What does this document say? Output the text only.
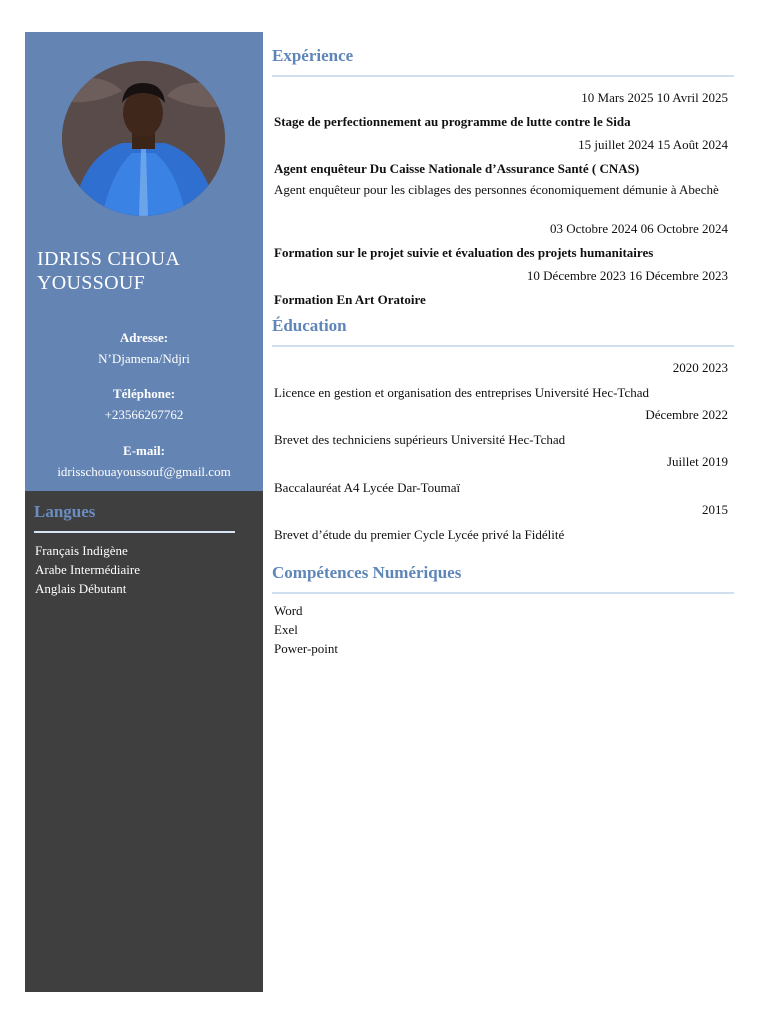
IDRISS CHOUA YOUSSOUF
Adresse:
N’Djamena/Ndjri
Téléphone:
+23566267762
E-mail:
idrisschouayoussouf@gmail.com
Langues
Français Indigène
Arabe Intermédiaire
Anglais Débutant
Expérience
10 Mars 2025 10 Avril 2025
Stage de perfectionnement au programme de lutte contre le Sida
15 juillet 2024 15 Août 2024
Agent enquêteur Du Caisse Nationale d’Assurance Santé ( CNAS)
Agent enquêteur pour les ciblages des personnes économiquement démunie à Abechè
03 Octobre 2024 06 Octobre 2024
Formation sur le projet suivie et évaluation des projets humanitaires
10 Décembre 2023 16 Décembre 2023
Formation En Art Oratoire
Éducation
2020 2023
Licence en gestion et organisation des entreprises Université Hec-Tchad
Décembre 2022
Brevet des techniciens supérieurs Université Hec-Tchad
Juillet 2019
Baccalauréat A4 Lycée Dar-Toumaï
2015
Brevet d’étude du premier Cycle Lycée privé la Fidélité
Compétences Numériques
Word
Exel
Power-point
